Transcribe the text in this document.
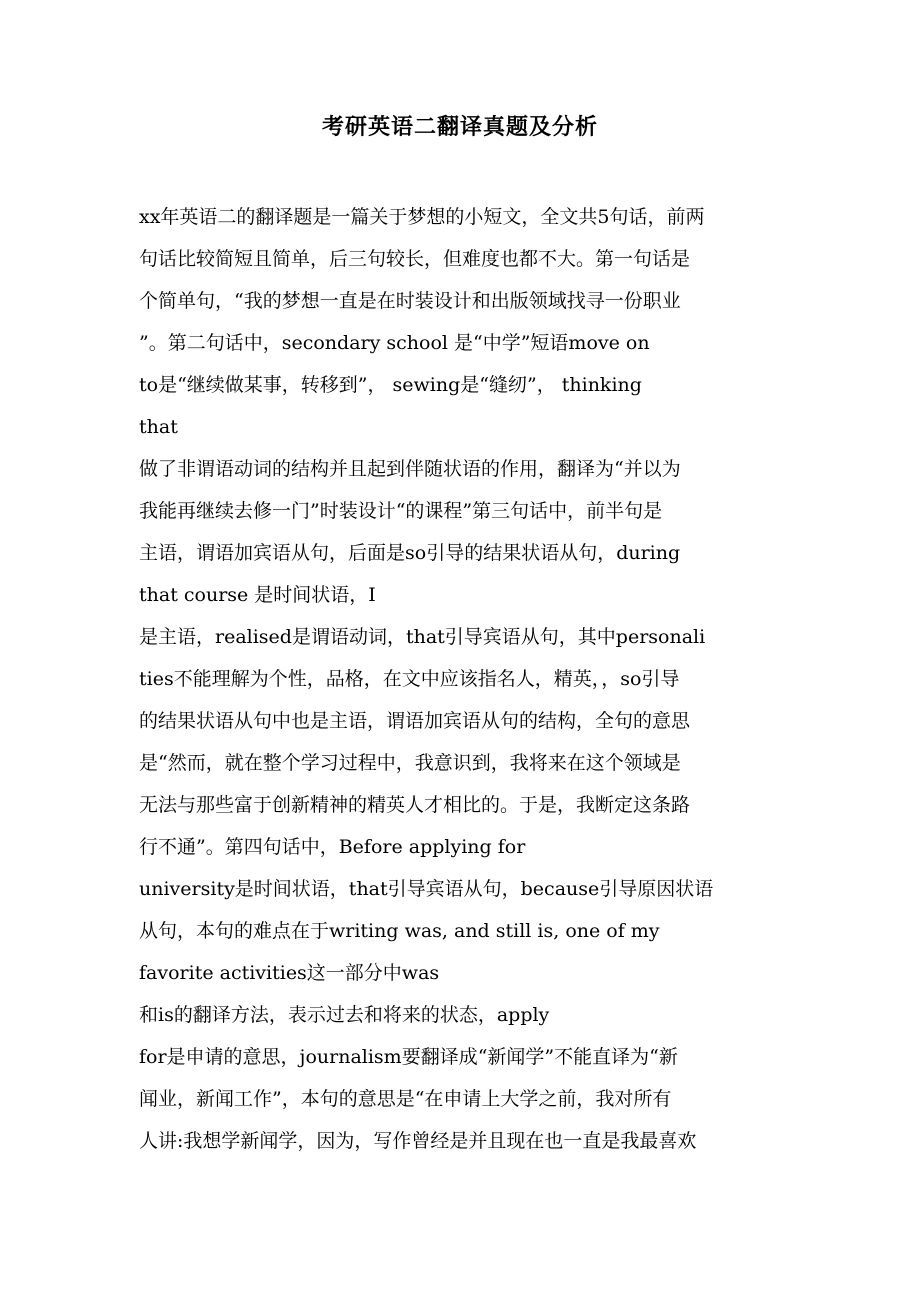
考研英语二翻译真题及分析
xx年英语二的翻译题是一篇关于梦想的小短文，全文共5句话，前两
句话比较简短且简单，后三句较长，但难度也都不大。第一句话是
个简单句，“我的梦想一直是在时装设计和出版领域找寻一份职业
”。第二句话中，secondary school 是“中学”短语move on
to是“继续做某事，转移到”， sewing是“缝纫”， thinking
that
做了非谓语动词的结构并且起到伴随状语的作用，翻译为“并以为
我能再继续去修一门”时装设计“的课程”第三句话中，前半句是
主语，谓语加宾语从句，后面是so引导的结果状语从句，during
that course 是时间状语，I
是主语，realised是谓语动词，that引导宾语从句，其中personali
ties不能理解为个性，品格，在文中应该指名人，精英，，so引导
的结果状语从句中也是主语，谓语加宾语从句的结构，全句的意思
是“然而，就在整个学习过程中，我意识到，我将来在这个领域是
无法与那些富于创新精神的精英人才相比的。于是，我断定这条路
行不通”。第四句话中，Before applying for
university是时间状语，that引导宾语从句，because引导原因状语
从句，本句的难点在于writing was, and still is, one of my
favorite activities这一部分中was
和is的翻译方法，表示过去和将来的状态，apply
for是申请的意思，journalism要翻译成“新闻学”不能直译为“新
闻业，新闻工作”，本句的意思是“在申请上大学之前，我对所有
人讲:我想学新闻学，因为，写作曾经是并且现在也一直是我最喜欢
